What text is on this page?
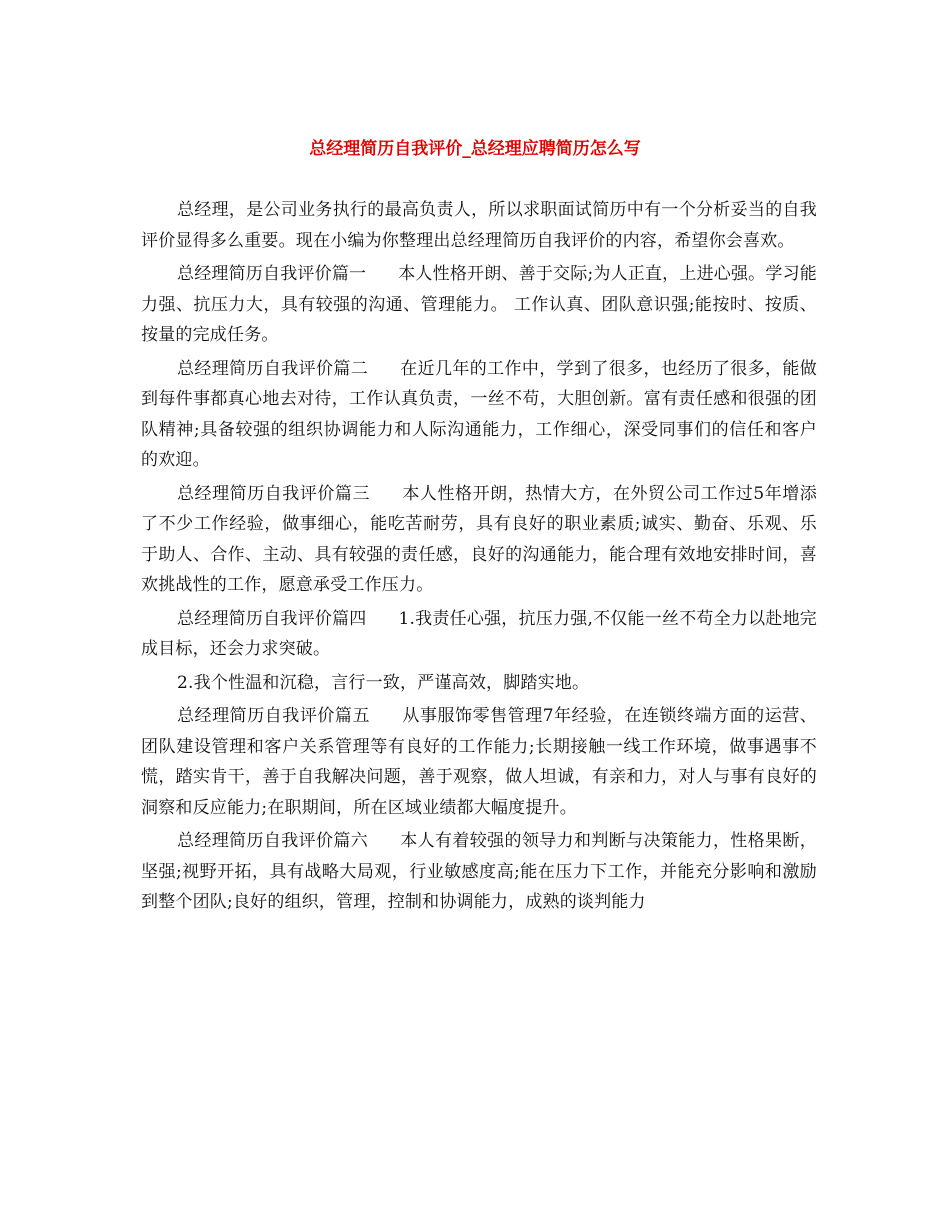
总经理简历自我评价_总经理应聘简历怎么写

总经理，是公司业务执行的最高负责人，所以求职面试简历中有一个分析妥当的自我评价显得多么重要。现在小编为你整理出总经理简历自我评价的内容，希望你会喜欢。

总经理简历自我评价篇一 本人性格开朗、善于交际;为人正直，上进心强。学习能力强、抗压力大，具有较强的沟通、管理能力。 工作认真、团队意识强;能按时、按质、按量的完成任务。

总经理简历自我评价篇二 在近几年的工作中，学到了很多，也经历了很多，能做到每件事都真心地去对待，工作认真负责，一丝不苟，大胆创新。富有责任感和很强的团队精神;具备较强的组织协调能力和人际沟通能力，工作细心，深受同事们的信任和客户的欢迎。

总经理简历自我评价篇三 本人性格开朗，热情大方，在外贸公司工作过5年增添了不少工作经验，做事细心，能吃苦耐劳，具有良好的职业素质;诚实、勤奋、乐观、乐于助人、合作、主动、具有较强的责任感，良好的沟通能力，能合理有效地安排时间，喜欢挑战性的工作，愿意承受工作压力。

总经理简历自我评价篇四 1.我责任心强，抗压力强,不仅能一丝不苟全力以赴地完成目标，还会力求突破。

2.我个性温和沉稳，言行一致，严谨高效，脚踏实地。

总经理简历自我评价篇五 从事服饰零售管理7年经验，在连锁终端方面的运营、团队建设管理和客户关系管理等有良好的工作能力;长期接触一线工作环境，做事遇事不慌，踏实肯干，善于自我解决问题，善于观察，做人坦诚，有亲和力，对人与事有良好的洞察和反应能力;在职期间，所在区域业绩都大幅度提升。

总经理简历自我评价篇六 本人有着较强的领导力和判断与决策能力，性格果断，坚强;视野开拓，具有战略大局观，行业敏感度高;能在压力下工作，并能充分影响和激励到整个团队;良好的组织，管理，控制和协调能力，成熟的谈判能力
